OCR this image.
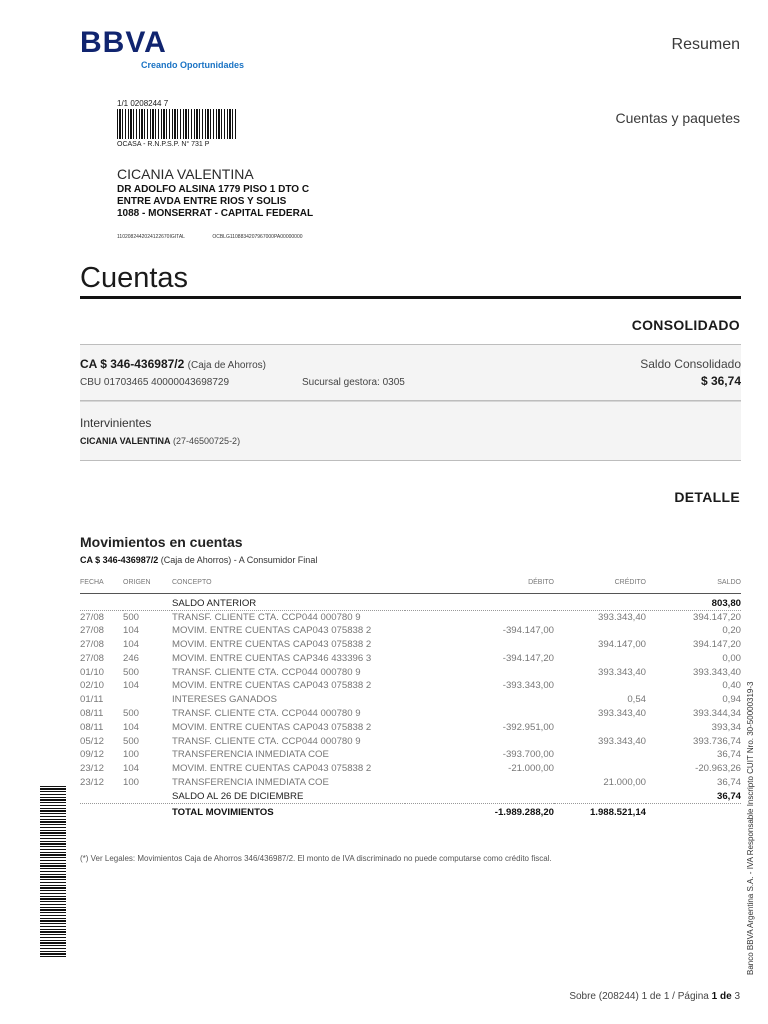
BBVA
Creando Oportunidades
Resumen
Cuentas y paquetes
1/1 0208244 7
OCASA - R.N.P.S.P. N° 731 P
CICANIA VALENTINA
DR ADOLFO ALSINA 1779 PISO 1 DTO C
ENTRE AVDA ENTRE RIOS Y SOLIS
1088 - MONSERRAT - CAPITAL FEDERAL
1102082442024122670IGITAL	OCBLG1108834207967000PA00000000
Cuentas
CONSOLIDADO
CA $ 346-436987/2 (Caja de Ahorros)
CBU 01703465 40000043698729	Sucursal gestora: 0305
Saldo Consolidado
$ 36,74
Intervinientes
CICANIA VALENTINA (27-46500725-2)
DETALLE
Movimientos en cuentas
CA $ 346-436987/2 (Caja de Ahorros) - A Consumidor Final
FECHA	ORIGEN	CONCEPTO	DÉBITO	CRÉDITO	SALDO
		SALDO ANTERIOR			803,80
27/08	500	TRANSF. CLIENTE CTA. CCP044 000780 9		393.343,40	394.147,20
27/08	104	MOVIM. ENTRE CUENTAS CAP043 075838 2	-394.147,00		0,20
27/08	104	MOVIM. ENTRE CUENTAS CAP043 075838 2		394.147,00	394.147,20
27/08	246	MOVIM. ENTRE CUENTAS CAP346 433396 3	-394.147,20		0,00
01/10	500	TRANSF. CLIENTE CTA. CCP044 000780 9		393.343,40	393.343,40
02/10	104	MOVIM. ENTRE CUENTAS CAP043 075838 2	-393.343,00		0,40
01/11		INTERESES GANADOS		0,54	0,94
08/11	500	TRANSF. CLIENTE CTA. CCP044 000780 9		393.343,40	393.344,34
08/11	104	MOVIM. ENTRE CUENTAS CAP043 075838 2	-392.951,00		393,34
05/12	500	TRANSF. CLIENTE CTA. CCP044 000780 9		393.343,40	393.736,74
09/12	100	TRANSFERENCIA INMEDIATA COE	-393.700,00		36,74
23/12	104	MOVIM. ENTRE CUENTAS CAP043 075838 2	-21.000,00		-20.963,26
23/12	100	TRANSFERENCIA INMEDIATA COE		21.000,00	36,74
		SALDO AL 26 DE DICIEMBRE			36,74
		TOTAL MOVIMIENTOS	-1.989.288,20	1.988.521,14	
(*) Ver Legales: Movimientos Caja de Ahorros 346/436987/2. El monto de IVA discriminado no puede computarse como crédito fiscal.	Banco BBVA Argentina S.A. - IVA Responsable Inscripto CUIT Nro. 30-50000319-3
Sobre (208244) 1 de 1 / Página 1 de 3
